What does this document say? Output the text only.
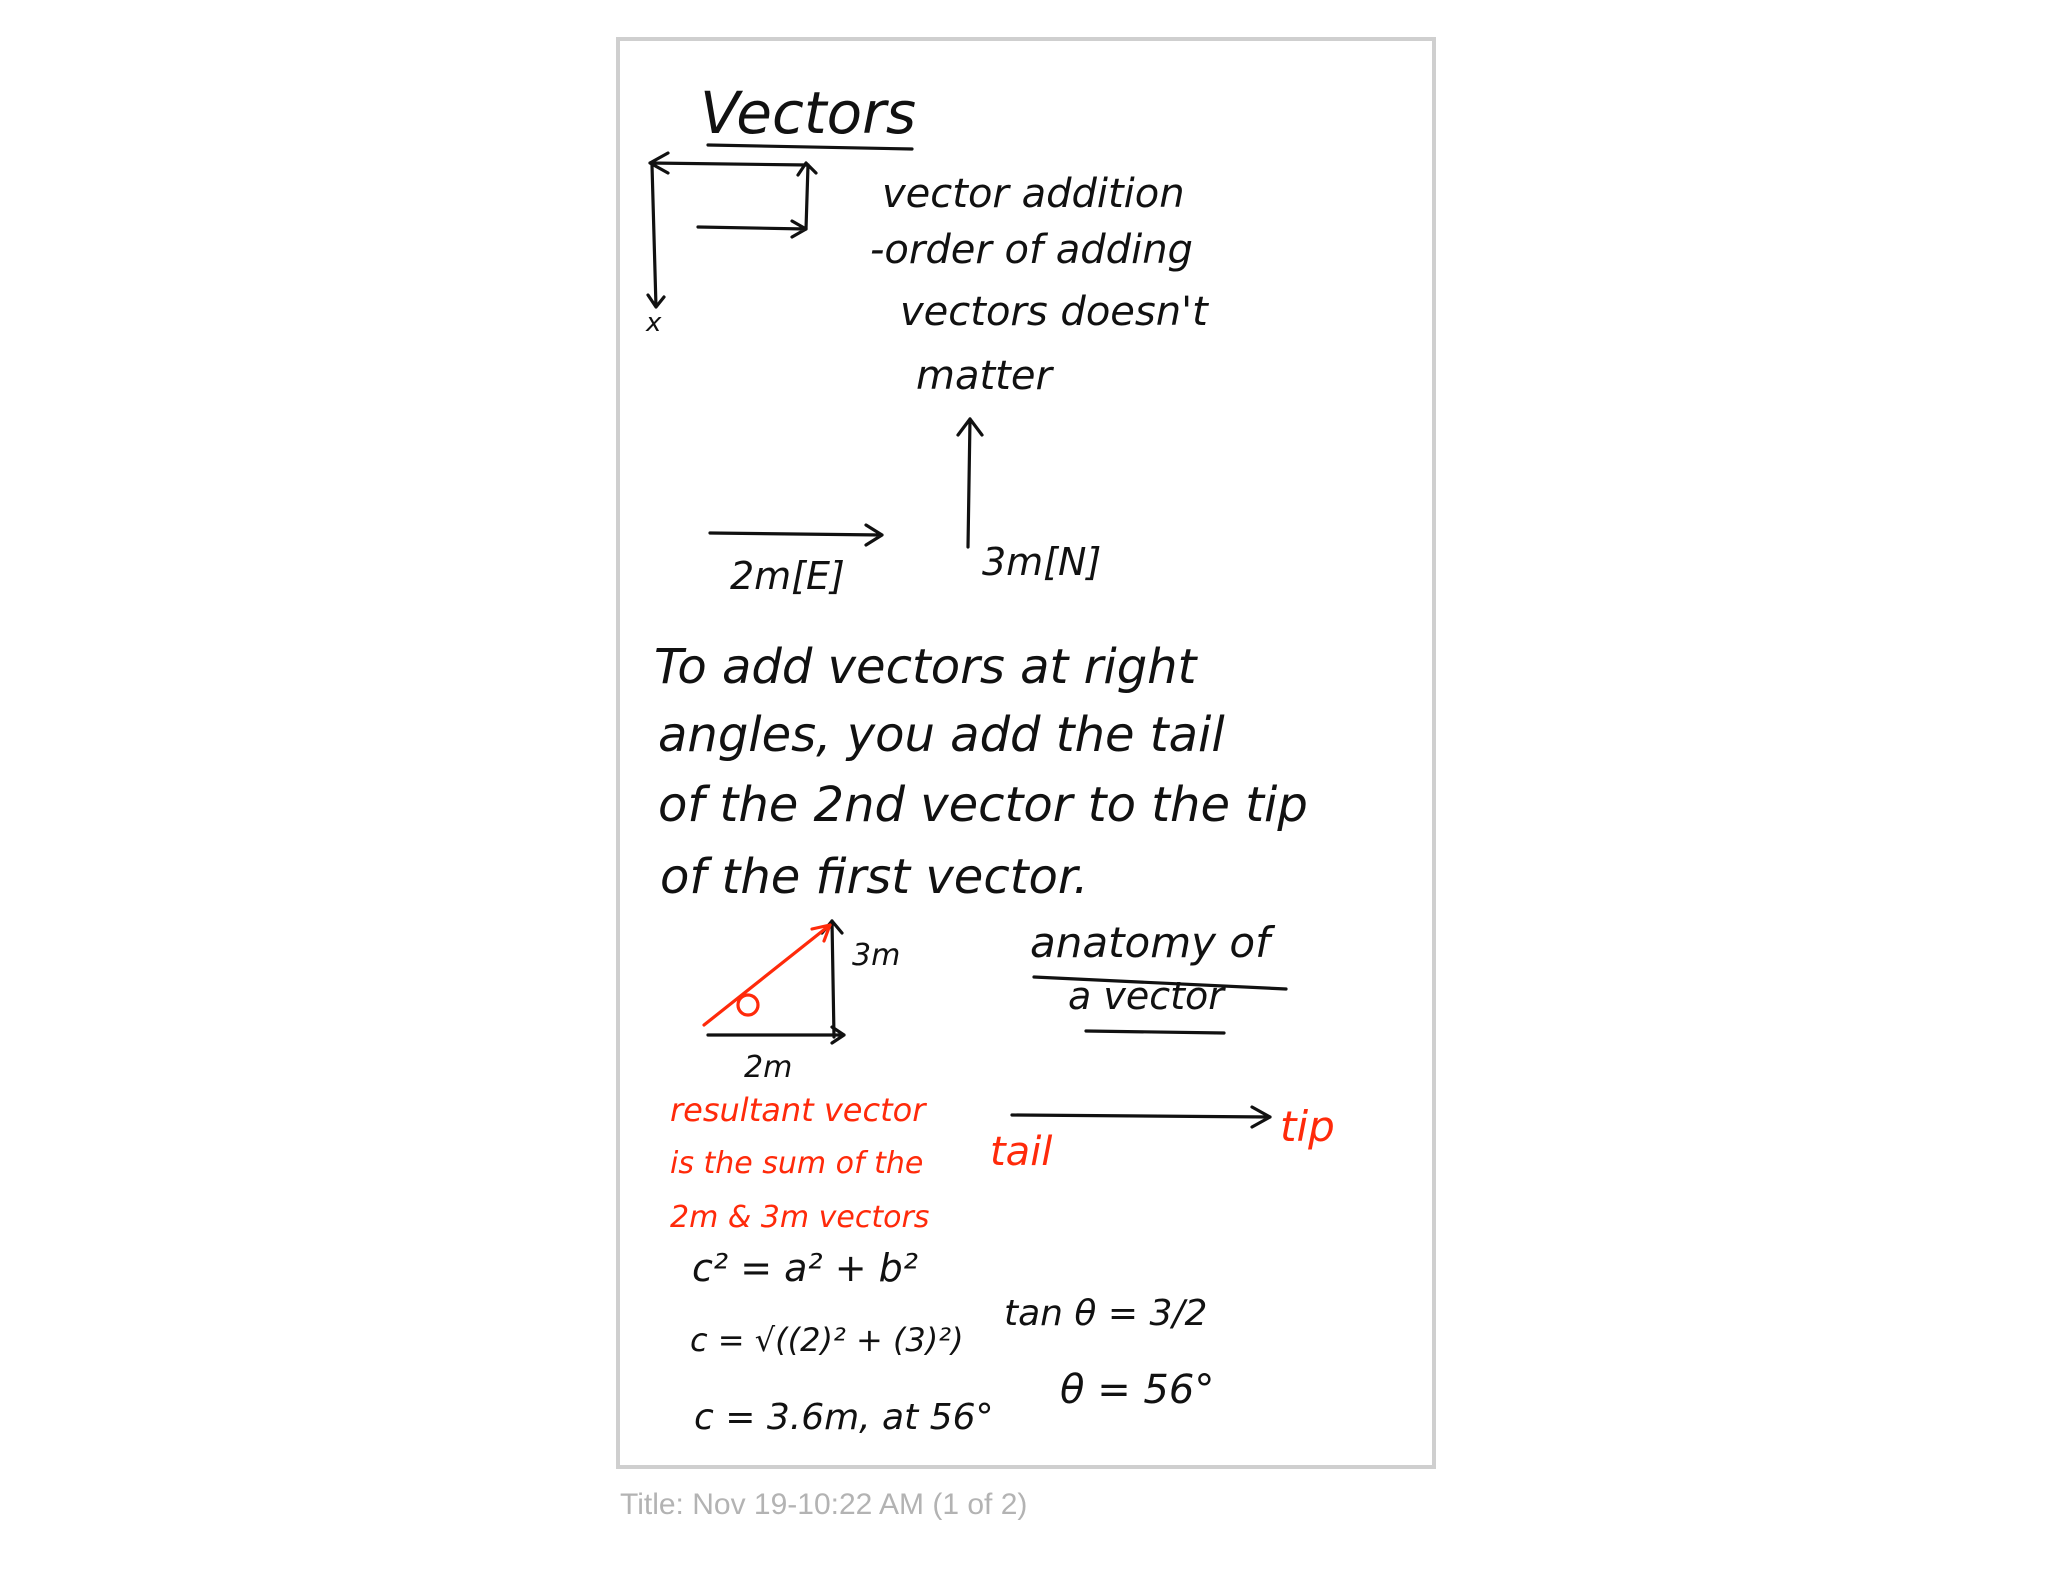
Vectors
x
vector addition
-order of adding
vectors doesn't
matter
2m[E]	3m[N]
To add vectors at right
angles, you add the tail
of the 2nd vector to the tip
of the first vector.
3m
2m
anatomy of
a vector
tail
tip
resultant vector
is the sum of the
2m & 3m vectors
c² = a² + b²
c = √((2)² + (3)²)
c = 3.6m, at 56°
tan θ = 3/2
θ = 56°
Title: Nov 19-10:22 AM (1 of 2)
